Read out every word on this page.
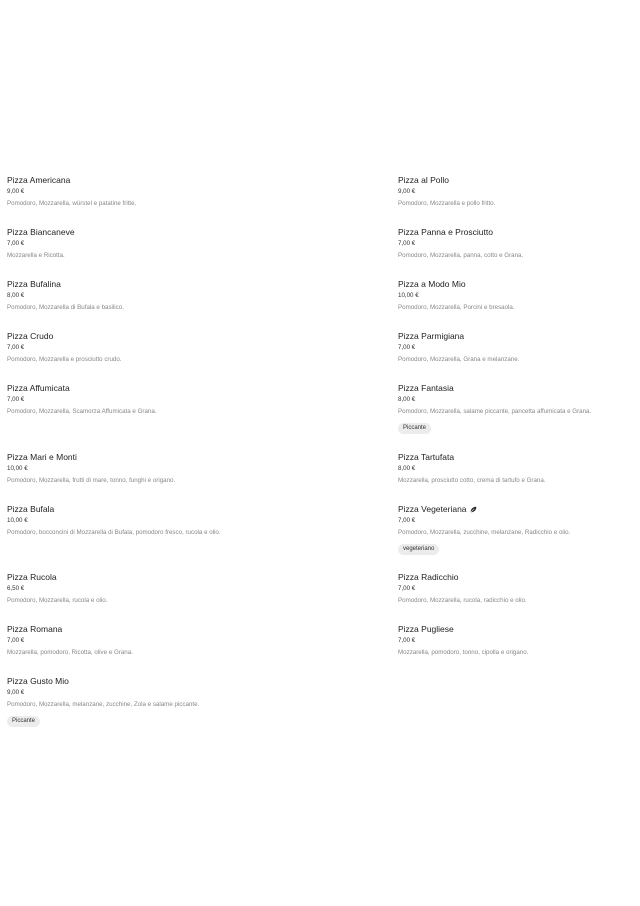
Pizza Americana
9,00 €
Pomodoro, Mozzarella, würstel e patatine fritte.
Pizza Biancaneve
7,00 €
Mozzarella e Ricotta.
Pizza Bufalina
8,00 €
Pomodoro, Mozzarella di Bufala e basilico.
Pizza Crudo
7,00 €
Pomodoro, Mozzarella e prosciutto crudo.
Pizza Affumicata
7,00 €
Pomodoro, Mozzarella, Scamorza Affumicata e Grana.
Pizza Mari e Monti
10,00 €
Pomodoro, Mozzarella, frutti di mare, tonno, funghi e origano.
Pizza Bufala
10,00 €
Pomodoro, bocconcini di Mozzarella di Bufala, pomodoro fresco, rucola e olio.
Pizza Rucola
6,50 €
Pomodoro, Mozzarella, rucola e olio.
Pizza Romana
7,00 €
Mozzarella, pomodoro, Ricotta, olive e Grana.
Pizza Gusto Mio
9,00 €
Pomodoro, Mozzarella, melanzane, zucchine, Zola e salame piccante.
Piccante
Pizza al Pollo
9,00 €
Pomodoro, Mozzarella e pollo fritto.
Pizza Panna e Prosciutto
7,00 €
Pomodoro, Mozzarella, panna, cotto e Grana.
Pizza a Modo Mio
10,00 €
Pomodoro, Mozzarella, Porcini e bresaola.
Pizza Parmigiana
7,00 €
Pomodoro, Mozzarella, Grana e melanzane.
Pizza Fantasia
8,00 €
Pomodoro, Mozzarella, salame piccante, pancetta affumicata e Grana.
Piccante
Pizza Tartufata
8,00 €
Mozzarella, prosciutto cotto, crema di tartufo e Grana.
Pizza Vegeteriana
7,00 €
Pomodoro, Mozzarella, zucchine, melanzane, Radicchio e olio.
vegeteriano
Pizza Radicchio
7,00 €
Pomodoro, Mozzarella, rucola, radicchio e olio.
Pizza Pugliese
7,00 €
Mozzarella, pomodoro, tonno, cipolla e origano.
